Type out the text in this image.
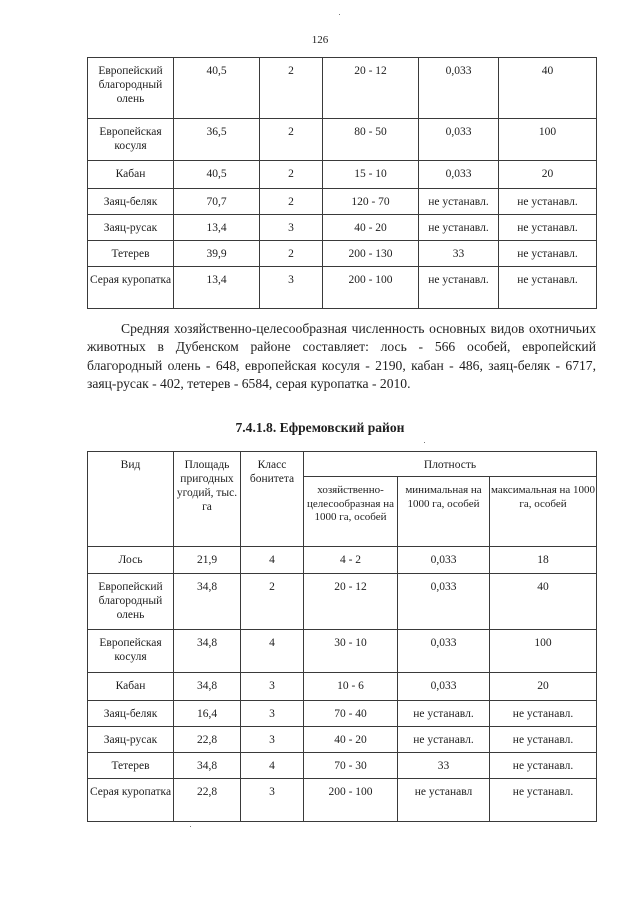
126
Европейский благородный олень	40,5	2	20 - 12	0,033	40
Европейская косуля	36,5	2	80 - 50	0,033	100
Кабан	40,5	2	15 - 10	0,033	20
Заяц-беляк	70,7	2	120 - 70	не устанавл.	не устанавл.
Заяц-русак	13,4	3	40 - 20	не устанавл.	не устанавл.
Тетерев	39,9	2	200 - 130	33	не устанавл.
Серая куропатка	13,4	3	200 - 100	не устанавл.	не устанавл.

Средняя хозяйственно-целесообразная численность основных видов охотничьих животных в Дубенском районе составляет: лось - 566 особей, европейский благородный олень - 648, европейская косуля - 2190, кабан - 486, заяц-беляк - 6717, заяц-русак - 402, тетерев - 6584, серая куропатка - 2010.

7.4.1.8. Ефремовский район
Вид	Площадь пригодных угодий, тыс. га	Класс бонитета	Плотность		
			хозяйственно-целесообразная на 1000 га, особей	минимальная на 1000 га, особей	максимальная на 1000 га, особей
Лось	21,9	4	4 - 2	0,033	18
Европейский благородный олень	34,8	2	20 - 12	0,033	40
Европейская косуля	34,8	4	30 - 10	0,033	100
Кабан	34,8	3	10 - 6	0,033	20
Заяц-беляк	16,4	3	70 - 40	не устанавл.	не устанавл.
Заяц-русак	22,8	3	40 - 20	не устанавл.	не устанавл.
Тетерев	34,8	4	70 - 30	33	не устанавл.
Серая куропатка	22,8	3	200 - 100	не устанавл	не устанавл.
